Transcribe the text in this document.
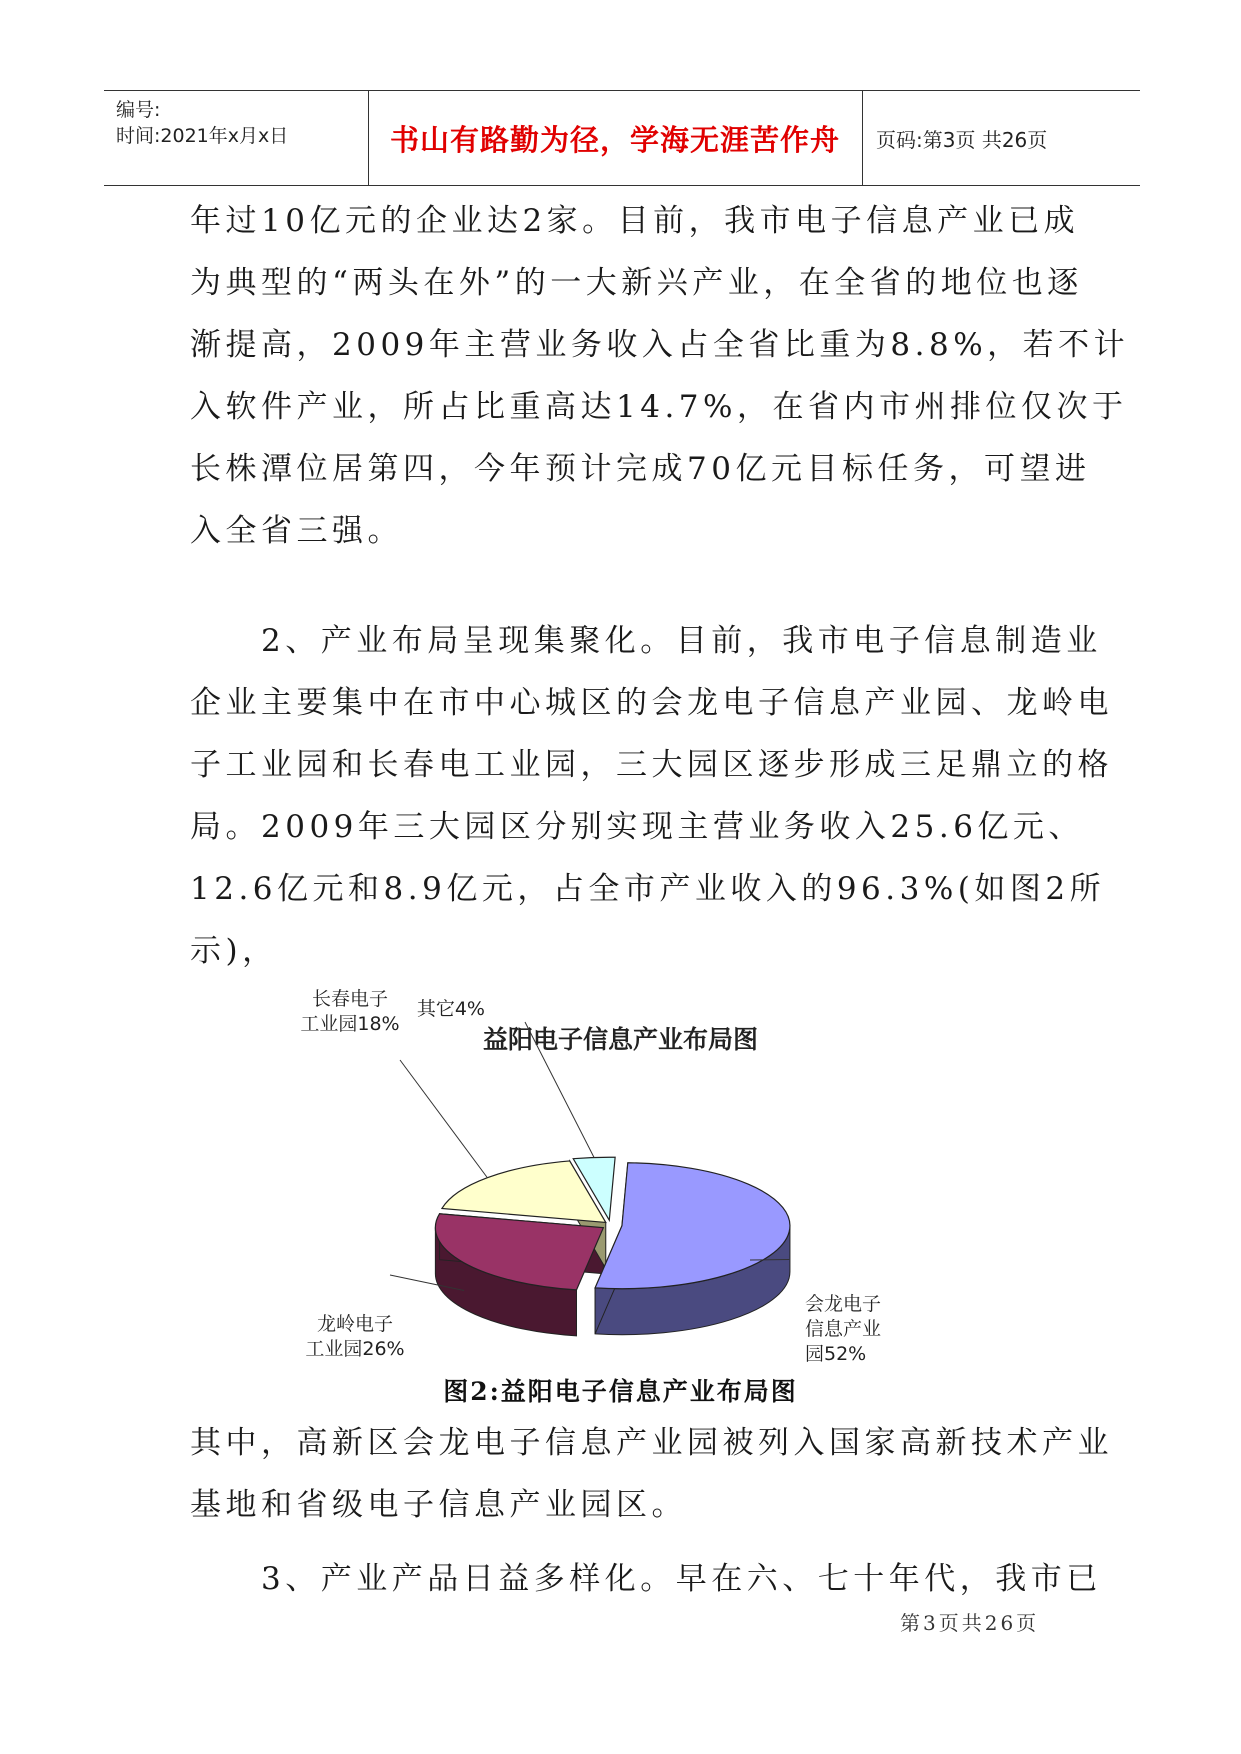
编号:
时间:2021年x月x日	书山有路勤为径，学海无涯苦作舟 页码:第3页 共26页
年过10亿元的企业达2家。目前，我市电子信息产业已成
为典型的“两头在外”的一大新兴产业，在全省的地位也逐
渐提高，2009年主营业务收入占全省比重为8.8%，若不计
入软件产业，所占比重高达14.7%，在省内市州排位仅次于
长株潭位居第四，今年预计完成70亿元目标任务，可望进
入全省三强。
　　2、产业布局呈现集聚化。目前，我市电子信息制造业
企业主要集中在市中心城区的会龙电子信息产业园、龙岭电
子工业园和长春电工业园，三大园区逐步形成三足鼎立的格
局。2009年三大园区分别实现主营业务收入25.6亿元、
12.6亿元和8.9亿元，占全市产业收入的96.3%(如图2所
示)，
益阳电子信息产业布局图
会龙电子
信息产业
园52%
龙岭电子
工业园26%
长春电子
工业园18%
其它4%
图2:益阳电子信息产业布局图
其中，高新区会龙电子信息产业园被列入国家高新技术产业
基地和省级电子信息产业园区。
　　3、产业产品日益多样化。早在六、七十年代，我市已
第3页共26页
